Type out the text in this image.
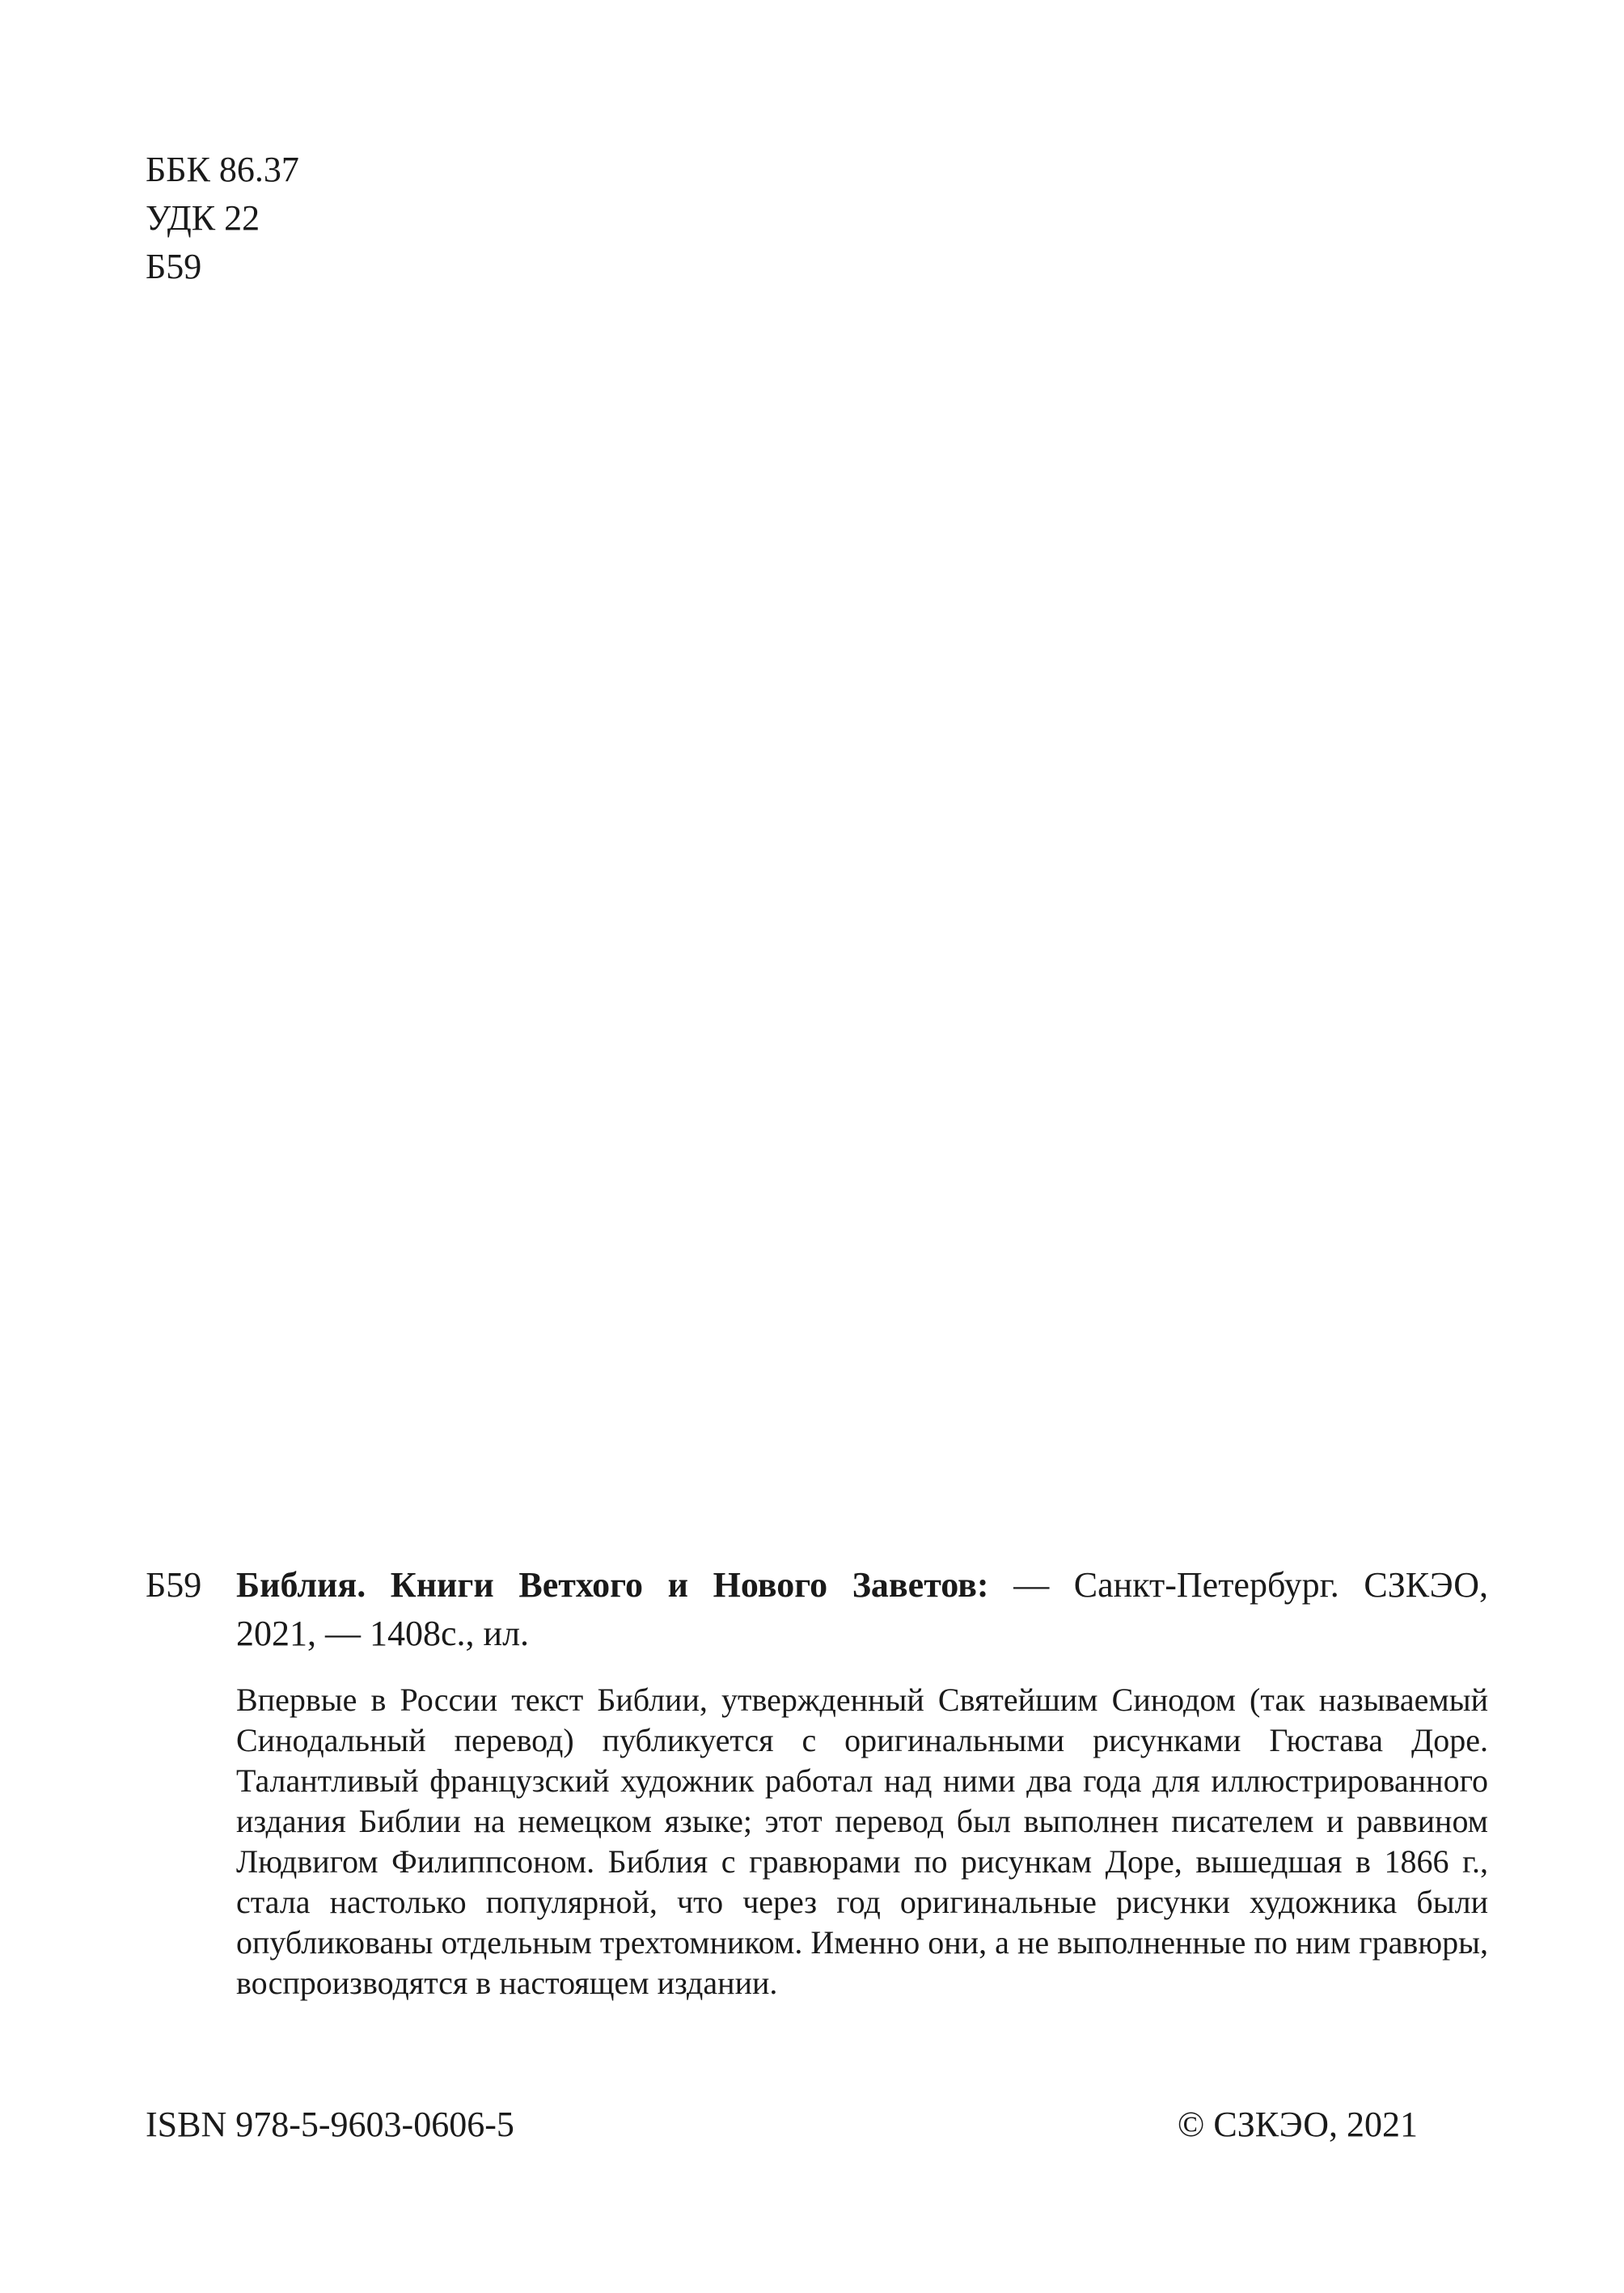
ББК 86.37
УДК 22
Б59
Б59 Библия. Книги Ветхого и Нового Заветов: — Санкт-Петербург. СЗКЭО,
2021, — 1408с., ил.
Впервые в России текст Библии, утвержденный Святейшим Синодом (так называемый Синодальный перевод) публикуется с оригинальными рисунками Гюстава Доре. Талантливый французский художник работал над ними два года для иллюстрированного издания Библии на немецком языке; этот перевод был выполнен писателем и раввином Людвигом Филиппсоном. Библия с гравюрами по рисункам Доре, вышедшая в 1866 г., стала настолько популярной, что через год оригинальные рисунки художника были опубликованы отдельным трехтомником. Именно они, а не выполненные по ним гравюры, воспроизводятся в настоящем издании.
ISBN 978-5-9603-0606-5	© СЗКЭО, 2021
